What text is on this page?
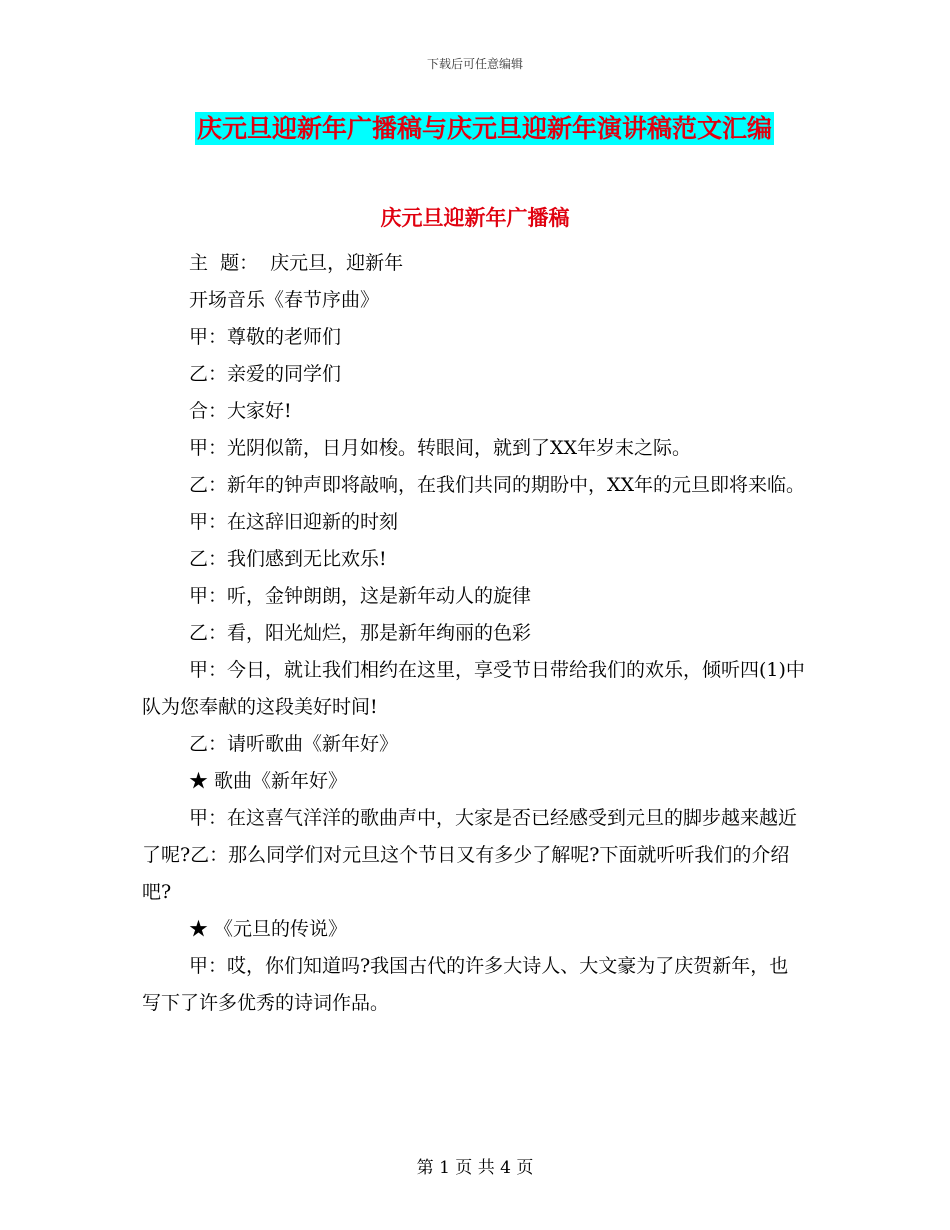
下载后可任意编辑
庆元旦迎新年广播稿与庆元旦迎新年演讲稿范文汇编
庆元旦迎新年广播稿

主  题：  庆元旦，迎新年

开场音乐《春节序曲》

甲：尊敬的老师们

乙：亲爱的同学们

合：大家好!

甲：光阴似箭，日月如梭。转眼间，就到了XX年岁末之际。

乙：新年的钟声即将敲响，在我们共同的期盼中，XX年的元旦即将来临。

甲：在这辞旧迎新的时刻

乙：我们感到无比欢乐!

甲：听，金钟朗朗，这是新年动人的旋律

乙：看，阳光灿烂，那是新年绚丽的色彩

甲：今日，就让我们相约在这里，享受节日带给我们的欢乐，倾听四(1)中队为您奉献的这段美好时间!

乙：请听歌曲《新年好》

★ 歌曲《新年好》

甲：在这喜气洋洋的歌曲声中，大家是否已经感受到元旦的脚步越来越近了呢?乙：那么同学们对元旦这个节日又有多少了解呢?下面就听听我们的介绍吧?

★ 《元旦的传说》

甲：哎，你们知道吗?我国古代的许多大诗人、大文豪为了庆贺新年，也写下了许多优秀的诗词作品。

第 1 页 共 4 页
